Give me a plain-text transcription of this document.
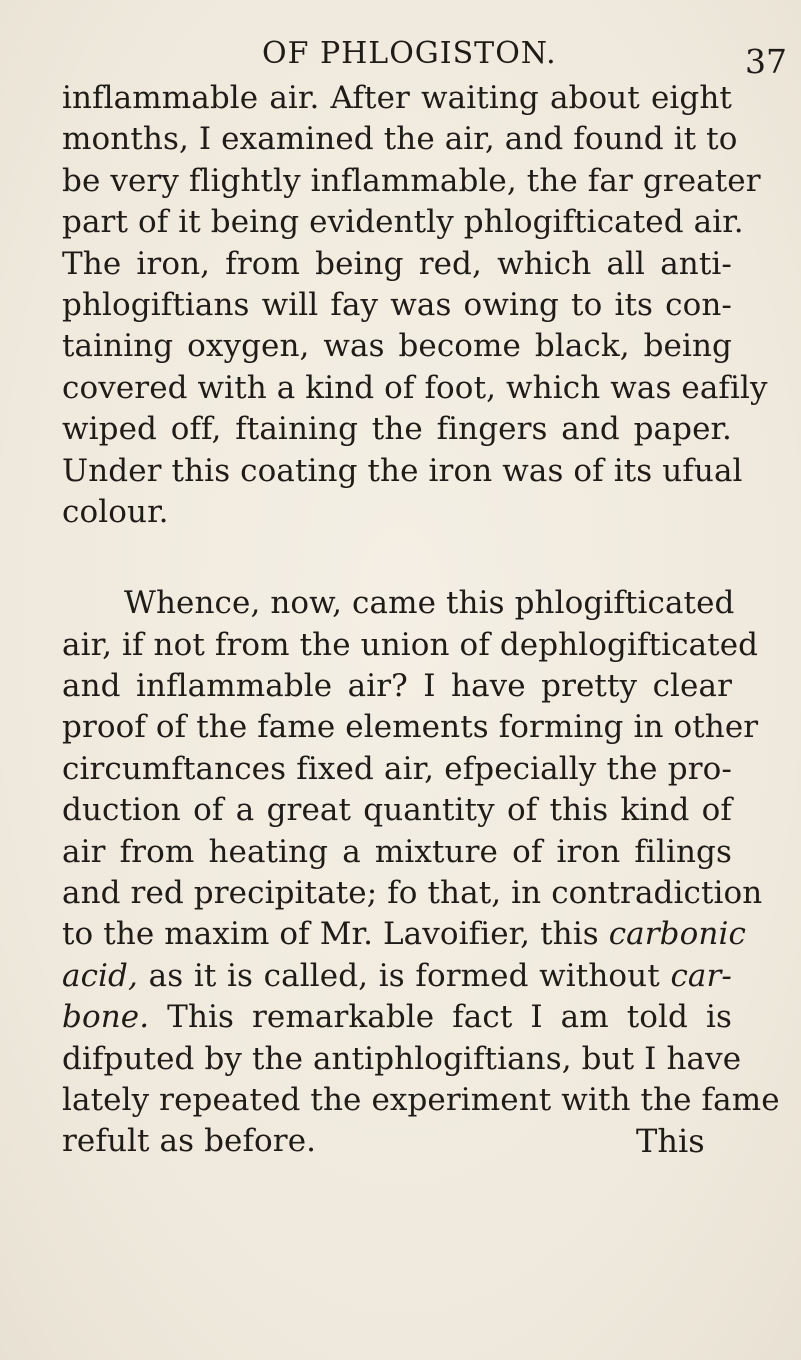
OF PHLOGISTON.	37
inflammable air. After waiting about eight
months, I examined the air, and found it to
be very flightly inflammable, the far greater
part of it being evidently phlogifticated air.
The iron, from being red, which all anti-
phlogiftians will fay was owing to its con-
taining oxygen, was become black, being
covered with a kind of foot, which was eafily
wiped off, ftaining the fingers and paper.
Under this coating the iron was of its ufual
colour.
Whence, now, came this phlogifticated
air, if not from the union of dephlogifticated
and inflammable air? I have pretty clear
proof of the fame elements forming in other
circumftances fixed air, efpecially the pro-
duction of a great quantity of this kind of
air from heating a mixture of iron filings
and red precipitate; fo that, in contradiction
to the maxim of Mr. Lavoifier, this carbonic
acid, as it is called, is formed without car-
bone. This remarkable fact I am told is
difputed by the antiphlogiftians, but I have
lately repeated the experiment with the fame
refult as before.	This
